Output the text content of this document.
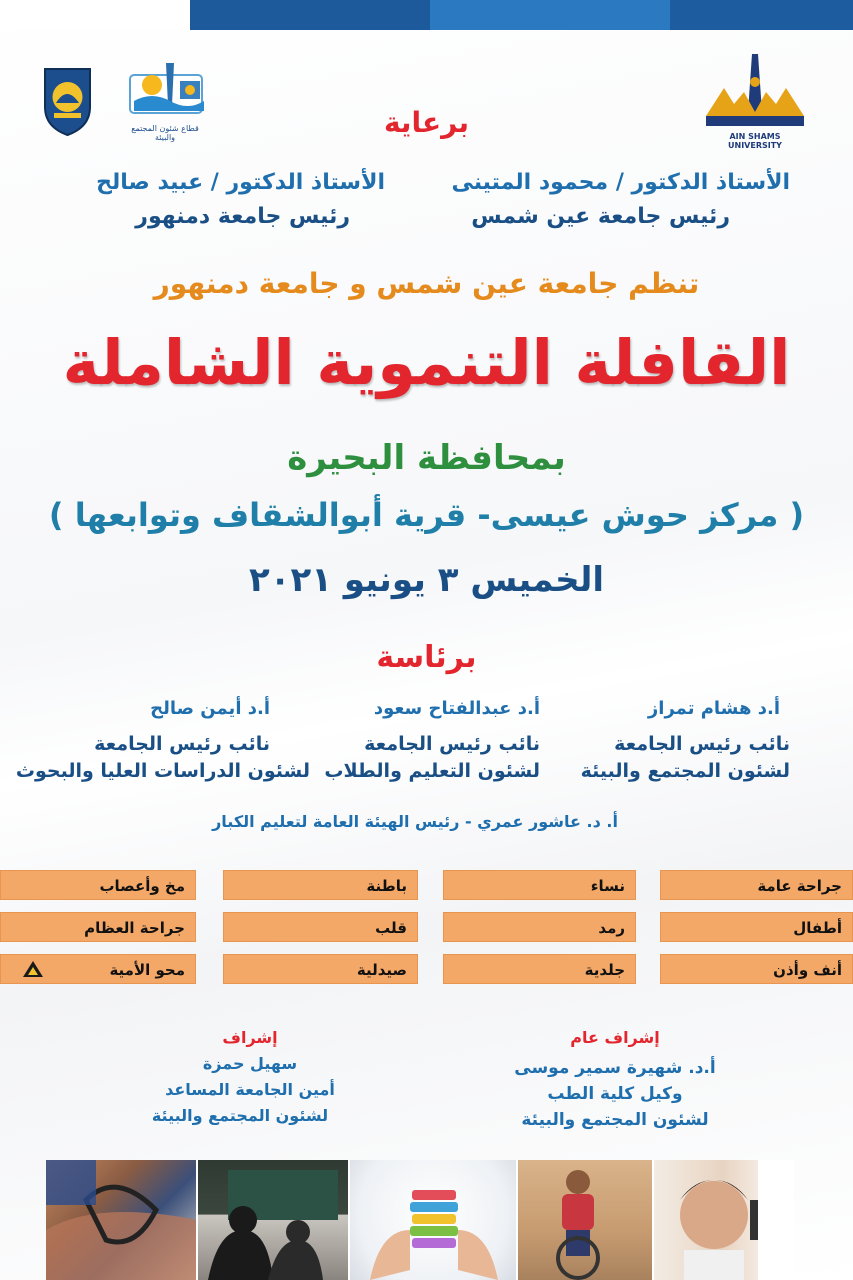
قطاع شئون المجتمع والبيئة	AIN SHAMS UNIVERSITY
برعاية
الأستاذ الدكتور / محمود المتينى
رئيس جامعة عين شمس
الأستاذ الدكتور / عبيد صالح
رئيس جامعة دمنهور
تنظم جامعة عين شمس و جامعة دمنهور
القافلة التنموية الشاملة
بمحافظة البحيرة
( مركز حوش عيسى- قرية أبوالشقاف وتوابعها )
الخميس ٣ يونيو ٢٠٢١
برئاسة
أ.د هشام تمراز
نائب رئيس الجامعة
لشئون المجتمع والبيئة
أ.د عبدالفتاح سعود
نائب رئيس الجامعة
لشئون التعليم والطلاب
أ.د أيمن صالح
نائب رئيس الجامعة
لشئون الدراسات العليا والبحوث
أ. د. عاشور عمري - رئيس الهيئة العامة لتعليم الكبار
جراحة عامة
نساء
باطنة
مخ وأعصاب
أطفال
رمد
قلب
جراحة العظام
أنف وأذن
جلدية
صيدلية
محو الأمية
إشراف عام
أ.د. شهيرة سمير موسى
وكيل كلية الطب
لشئون المجتمع والبيئة
إشراف
سهيل حمزة
أمين الجامعة المساعد
لشئون المجتمع والبيئة
